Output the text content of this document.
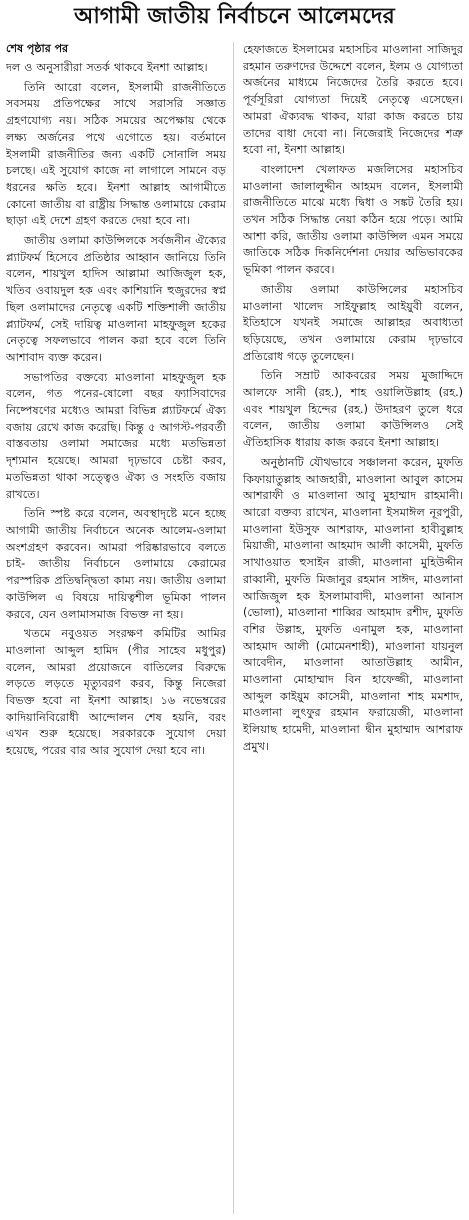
আগামী জাতীয় নির্বাচনে আলেমদের
শেষ পৃষ্ঠার পর

দল ও অনুসারীরা সতর্ক থাকবে ইনশা আল্লাহ।

তিনি আরো বলেন, ইসলামী রাজনীতিতে সবসময় প্রতিপক্ষের সাথে সরাসরি সজ্ঞাত গ্রহণযোগ্য নয়। সঠিক সময়ের অপেক্ষায় থেকে লক্ষ্য অর্জনের পথে এগোতে হয়। বর্তমানে ইসলামী রাজনীতির জন্য একটি সোনালি সময় চলছে। এই সুযোগ কাজে না লাগালে সামনে বড় ধরনের ক্ষতি হবে। ইনশা আল্লাহ আগামীতে কোনো জাতীয় বা রাষ্ট্রীয় সিদ্ধান্ত ওলামায়ে কেরাম ছাড়া এই দেশে গ্রহণ করতে দেয়া হবে না।

জাতীয় ওলামা কাউন্সিলকে সর্বজনীন ঐক্যের প্ল্যাটফর্ম হিসেবে প্রতিষ্ঠার আহ্বান জানিয়ে তিনি বলেন, শায়খুল হাদিস আল্লামা আজিজুল হক, খতিব ওবায়দুল হক এবং কাশিয়ানি হুজুরদের স্বপ্ন ছিল ওলামাদের নেতৃত্বে একটি শক্তিশালী জাতীয় প্ল্যাটফর্ম, সেই দায়িত্ব মাওলানা মাহফুজুল হকের নেতৃত্বে সফলভাবে পালন করা হবে বলে তিনি আশাবাদ ব্যক্ত করেন।

সভাপতির বক্তব্যে মাওলানা মাহফুজুল হক বলেন, গত পনের-ষোলো বছর ফ্যাসিবাদের নিষ্পেষণের মধ্যেও আমরা বিভিন্ন প্ল্যাটফর্মে ঐক্য বজায় রেখে কাজ করেছি। কিন্তু ৫ আগস্ট-পরবর্তী বাস্তবতায় ওলামা সমাজের মধ্যে মতভিন্নতা দৃশ্যমান হয়েছে। আমরা দৃঢ়ভাবে চেষ্টা করব, মতভিন্নতা থাকা সত্ত্বেও ঐক্য ও সংহতি বজায় রাখতে।

তিনি স্পষ্ট করে বলেন, অবস্থাদৃষ্টে মনে হচ্ছে আগামী জাতীয় নির্বাচনে অনেক আলেম-ওলামা অংশগ্রহণ করবেন। আমরা পরিষ্কারভাবে বলতে চাই- জাতীয় নির্বাচনে ওলামায়ে কেরামের পরস্পরিক প্রতিদ্বন্দ্বিতা কাম্য নয়। জাতীয় ওলামা কাউন্সিল এ বিষয়ে দায়িত্বশীল ভূমিকা পালন করবে, যেন ওলামাসমাজ বিভক্ত না হয়।

খতমে নবুওয়ত সংরক্ষণ কমিটির আমির মাওলানা আব্দুল হামিদ (পীর সাহেব মধুপুর) বলেন, আমরা প্রয়োজনে বাতিলের বিরুদ্ধে লড়তে লড়তে মৃত্যুবরণ করব, কিন্তু নিজেরা বিভক্ত হবো না ইনশা আল্লাহ। ১৬ নভেম্বরের কাদিয়ানিবিরোধী আন্দোলন শেষ হয়নি, বরং এখন শুরু হয়েছে। সরকারকে সুযোগ দেয়া হয়েছে, পরের বার আর সুযোগ দেয়া হবে না।

হেফাজতে ইসলামের মহাসচিব মাওলানা সাজিদুর রহমান তরুণদের উদ্দেশে বলেন, ইলম ও যোগ্যতা অর্জনের মাধ্যমে নিজেদের তৈরি করতে হবে। পূর্বসূরিরা যোগ্যতা দিয়েই নেতৃত্বে এসেছেন। আমরা ঐক্যবদ্ধ থাকব, যারা কাজ করতে চায় তাদের বাধা দেবো না। নিজেরাই নিজেদের শত্রু হবো না, ইনশা আল্লাহ।

বাংলাদেশ খেলাফত মজলিসের মহাসচিব মাওলানা জালালুদ্দীন আহমদ বলেন, ইসলামী রাজনীতিতে মাঝে মধ্যে দ্বিধা ও সঙ্কট তৈরি হয়। তখন সঠিক সিদ্ধান্ত নেয়া কঠিন হয়ে পড়ে। আমি আশা করি, জাতীয় ওলামা কাউন্সিল এমন সময়ে জাতিকে সঠিক দিকনির্দেশনা দেয়ার অভিভাবকের ভূমিকা পালন করবে।

জাতীয় ওলামা কাউন্সিলের মহাসচিব মাওলানা খালেদ সাইফুল্লাহ আইয়ুবী বলেন, ইতিহাসে যখনই সমাজে আল্লাহর অবাধ্যতা ছড়িয়েছে, তখন ওলামায়ে কেরাম দৃঢ়ভাবে প্রতিরোধ গড়ে তুলেছেন।

তিনি সম্রাট আকবরের সময় মুজাদ্দিদে আলফে সানী (রহ.), শাহ ওয়ালিউল্লাহ (রহ.) এবং শায়খুল হিন্দের (রহ.) উদাহরণ তুলে ধরে বলেন, জাতীয় ওলামা কাউন্সিলও সেই ঐতিহাসিক ধারায় কাজ করবে ইনশা আল্লাহ।

অনুষ্ঠানটি যৌথভাবে সঞ্চালনা করেন, মুফতি কিফায়াতুল্লাহ আজহারী, মাওলানা আবুল কাসেম আশরাফী ও মাওলানা আবু মুহাম্মাদ রাহমানী। আরো বক্তব্য রাখেন, মাওলানা ইসমাঈল নূরপুরী, মাওলানা ইউসুফ আশরাফ, মাওলানা হাবীবুল্লাহ মিয়াজী, মাওলানা আহমাদ আলী কাসেমী, মুফতি সাখাওয়াত হুসাইন রাজী, মাওলানা মুহিউদ্দীন রাব্বানী, মুফতি মিজানুর রহমান সাঈদ, মাওলানা আজিজুল হক ইসলামাবাদী, মাওলানা আনাস (ভোলা), মাওলানা শাব্বির আহমাদ রশীদ, মুফতি বশির উল্লাহ, মুফতি এনামুল হক, মাওলানা আহমাদ আলী (মোমেনশাহী), মাওলানা যায়নুল আবেদীন, মাওলানা আতাউল্লাহ আমীন, মাওলানা মোহাম্মাদ বিন হাফেজ্জী, মাওলানা আব্দুল কাইয়ুম কাসেমী, মাওলানা শাহ মমশাদ, মাওলানা লুৎফুর রহমান ফরায়েজী, মাওলানা ইলিয়াছ হামেদী, মাওলানা দ্বীন মুহাম্মাদ আশরাফ প্রমুখ।
